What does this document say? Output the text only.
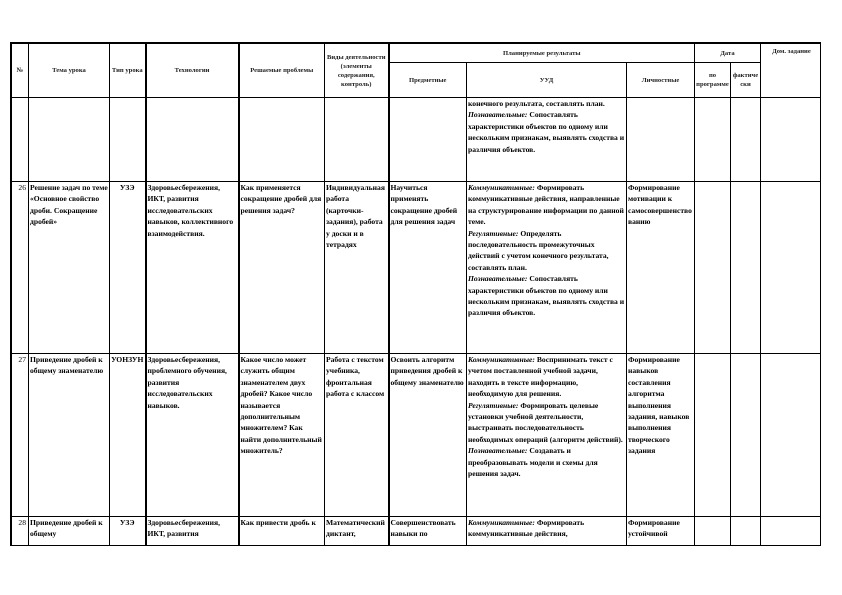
№	Тема урока	Тип урока	Технологии	Решаемые проблемы	Виды деятельности (элементы содержания, контроль)	Планируемые результаты			Дата		Дом. задание
						Предметные	УУД	Личностные	по программе	фактически	

							конечного результата, составлять план.
Познавательные: Сопоставлять характеристики объектов по одному или нескольким признакам, выявлять сходства и различия объектов.				

26	Решение задач по теме «Основное свойство дроби. Сокращение дробей»	УЗЭ	Здоровьесбережения, ИКТ, развития исследовательских навыков, коллективного взаимодействия.	Как применяется сокращение дробей для решения задач?	Индивидуальная работа (карточки-задания), работа у доски и в тетрадях	Научиться применять сокращение дробей для решения задач	Коммуникативные: Формировать коммуникативные действия, направленные на структурирование информации по данной теме.
Регулятивные: Определять последовательность промежуточных действий с учетом конечного результата, составлять план.
Познавательные: Сопоставлять характеристики объектов по одному или нескольким признакам, выявлять сходства и различия объектов.	Формирование мотивации к самосовершенствованию			
27	Приведение дробей к общему знаменателю	УОНЗУН	Здоровьесбережения, проблемного обучения, развития исследовательских навыков.	Какое число может служить общим знаменателем двух дробей? Какое число называется дополнительным множителем? Как найти дополнительный множитель?	Работа с текстом учебника, фронтальная работа с классом	Освоить алгоритм приведения дробей к общему знаменателю	Коммуникативные: Воспринимать текст с учетом поставленной учебной задачи, находить в тексте информацию, необходимую для решения.
Регулятивные: Формировать целевые установки учебной деятельности, выстраивать последовательность необходимых операций (алгоритм действий).
Познавательные: Создавать и преобразовывать модели и схемы для решения задач.	Формирование навыков составления алгоритма выполнения задания, навыков выполнения творческого задания			
28	Приведение дробей к общему	УЗЭ	Здоровьесбережения, ИКТ, развития	Как привести дробь к	Математический диктант,	Совершенствовать навыки по	Коммуникативные: Формировать коммуникативные действия,	Формирование устойчивой			
